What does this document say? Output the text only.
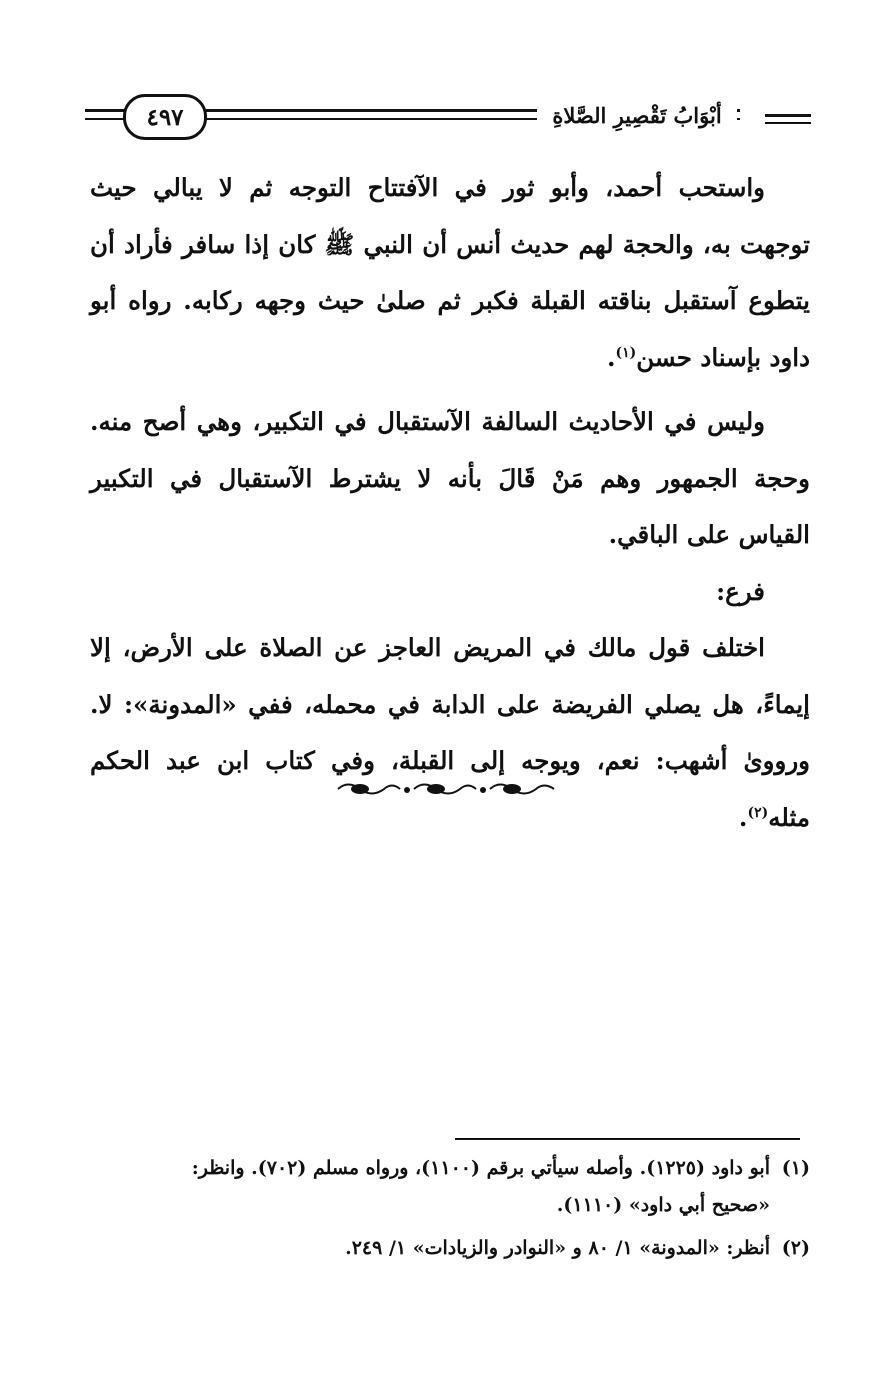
٤٩٧	أبْوَابُ تَقْصِيرِ الصَّلاةِ

واستحب أحمد، وأبو ثور في الآفتتاح التوجه ثم لا يبالي حيث توجهت به، والحجة لهم حديث أنس أن النبي ﷺ كان إذا سافر فأراد أن يتطوع آستقبل بناقته القبلة فكبر ثم صلىٰ حيث وجهه ركابه. رواه أبو داود بإسناد حسن$^{(١)}$.

وليس في الأحاديث السالفة الآستقبال في التكبير، وهي أصح منه. وحجة الجمهور وهم مَنْ قَالَ بأنه لا يشترط الآستقبال في التكبير القياس على الباقي.

فرع:

اختلف قول مالك في المريض العاجز عن الصلاة على الأرض، إلا إيماءً، هل يصلي الفريضة على الدابة في محمله، ففي «المدونة»: لا. ورووىٰ أشهب: نعم، ويوجه إلى القبلة، وفي كتاب ابن عبد الحكم مثله$^{(٢)}$.

(١)أبو داود (١٢٢٥). وأصله سيأتي برقم (١١٠٠)، ورواه مسلم (٧٠٢). وانظر:

«صحيح أبي داود» (١١١٠).

(٢)أنظر: «المدونة» ١/ ٨٠ و «النوادر والزيادات» ١/ ٢٤٩.
